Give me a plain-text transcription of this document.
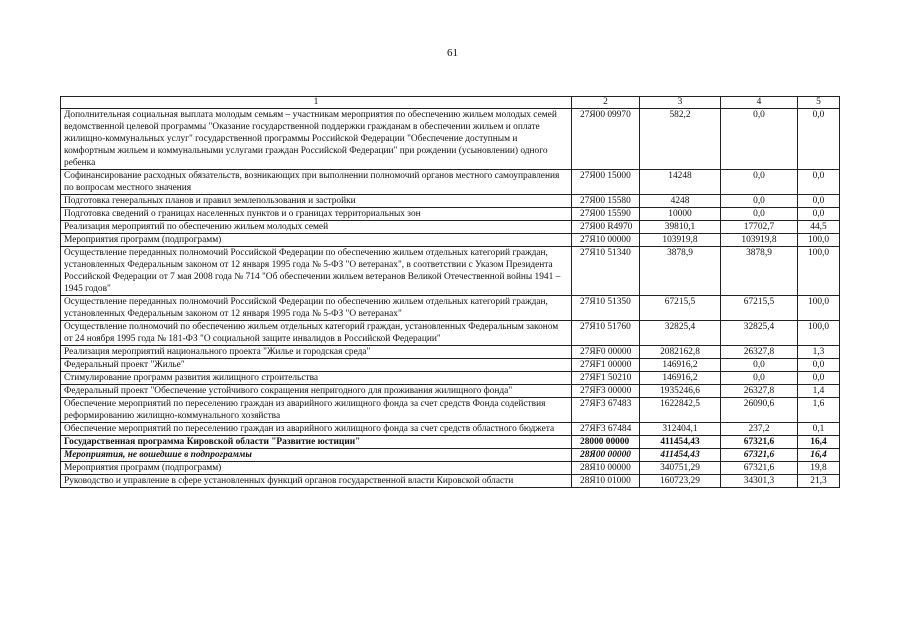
61
1	2	3	4	5
Дополнительная социальная выплата молодым семьям – участникам мероприятия по обеспечению жильем молодых семей ведомственной целевой программы "Оказание государственной поддержки гражданам в обеспечении жильем и оплате жилищно-коммунальных услуг" государственной программы Российской Федерации "Обеспечение доступным и комфортным жильем и коммунальными услугами граждан Российской Федерации" при рождении (усыновлении) одного ребенка	27Я00 09970	582,2	0,0	0,0
Софинансирование расходных обязательств, возникающих при выполнении полномочий органов местного самоуправления по вопросам местного значения	27Я00 15000	14248	0,0	0,0
Подготовка генеральных планов и правил землепользования и застройки	27Я00 15580	4248	0,0	0,0
Подготовка сведений о границах населенных пунктов и о границах территориальных зон	27Я00 15590	10000	0,0	0,0
Реализация мероприятий по обеспечению жильем молодых семей	27Я00 R4970	39810,1	17702,7	44,5
Мероприятия программ (подпрограмм)	27Я10 00000	103919,8	103919,8	100,0
Осуществление переданных полномочий Российской Федерации по обеспечению жильем отдельных категорий граждан, установленных Федеральным законом от 12 января 1995 года № 5-ФЗ "О ветеранах", в соответствии с Указом Президента Российской Федерации от 7 мая 2008 года № 714 "Об обеспечении жильем ветеранов Великой Отечественной войны 1941 – 1945 годов"	27Я10 51340	3878,9	3878,9	100,0
Осуществление переданных полномочий Российской Федерации по обеспечению жильем отдельных категорий граждан, установленных Федеральным законом от 12 января 1995 года № 5-ФЗ "О ветеранах"	27Я10 51350	67215,5	67215,5	100,0
Осуществление полномочий по обеспечению жильем отдельных категорий граждан, установленных Федеральным законом от 24 ноября 1995 года № 181-ФЗ "О социальной защите инвалидов в Российской Федерации"	27Я10 51760	32825,4	32825,4	100,0
Реализация мероприятий национального проекта "Жилье и городская среда"	27ЯF0 00000	2082162,8	26327,8	1,3
Федеральный проект "Жилье"	27ЯF1 00000	146916,2	0,0	0,0
Стимулирование программ развития жилищного строительства	27ЯF1 50210	146916,2	0,0	0,0
Федеральный проект "Обеспечение устойчивого сокращения непригодного для проживания жилищного фонда"	27ЯF3 00000	1935246,6	26327,8	1,4
Обеспечение мероприятий по переселению граждан из аварийного жилищного фонда за счет средств Фонда содействия реформированию жилищно-коммунального хозяйства	27ЯF3 67483	1622842,5	26090,6	1,6
Обеспечение мероприятий по переселению граждан из аварийного жилищного фонда за счет средств областного бюджета	27ЯF3 67484	312404,1	237,2	0,1
Государственная программа Кировской области "Развитие юстиции"	28000 00000	411454,43	67321,6	16,4
Мероприятия, не вошедшие в подпрограммы	28Я00 00000	411454,43	67321,6	16,4
Мероприятия программ (подпрограмм)	28Я10 00000	340751,29	67321,6	19,8
Руководство и управление в сфере установленных функций органов государственной власти Кировской области	28Я10 01000	160723,29	34301,3	21,3
